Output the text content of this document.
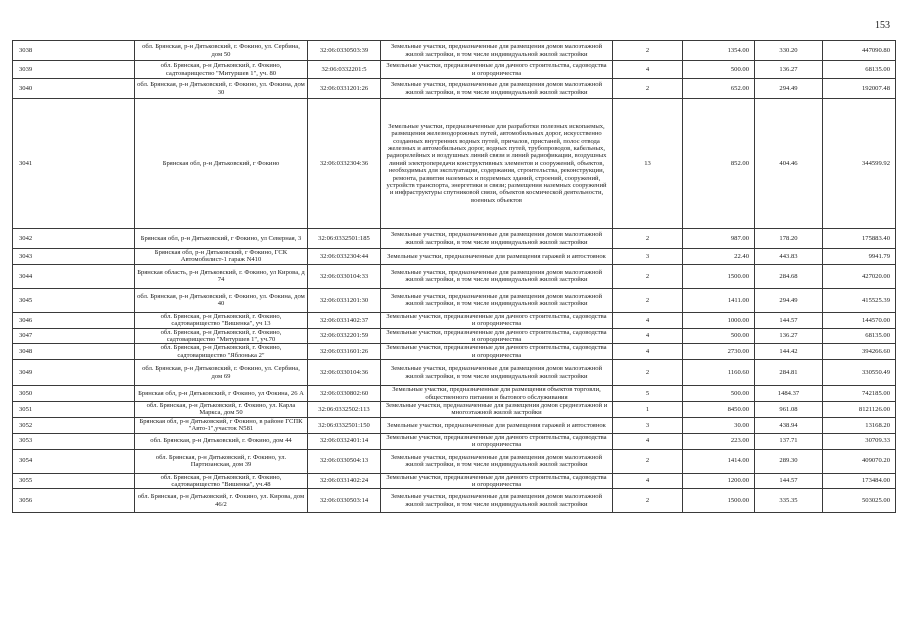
153
3038	обл. Брянская, р-н Дятьковский, г. Фокино, ул. Сербина, дом 50	32:06:0330503:39	Земельные участки, предназначенные для размещения домов малоэтажной жилой застройки, в том числе индивидуальной жилой застройки	2	1354.00	330.20	447090.80
3039	обл. Брянская, р-н Дятьковский, г. Фокино, садтоварищество "Митуршев 1", уч. 80	32:06:0332201:5	Земельные участки, предназначенные для дачного строительства, садоводства и огородничества	4	500.00	136.27	68135.00
3040	обл. Брянская, р-н Дятьковский, г. Фокино, ул. Фокина, дом 30	32:06:0331201:26	Земельные участки, предназначенные для размещения домов малоэтажной жилой застройки, в том числе индивидуальной жилой застройки	2	652.00	294.49	192007.48
3041	Брянская обл, р-н Дятьковский, г Фокино	32:06:0332304:36	Земельные участки, предназначенные для разработки полезных ископаемых, размещения железнодорожных путей, автомобильных дорог, искусственно созданных внутренних водных путей, причалов, пристаней, полос отвода железных и автомобильных дорог, водных путей, трубопроводов, кабельных, радиорелейных и воздушных линий связи и линий радиофикации, воздушных линий электропередачи конструктивных элементов и сооружений, объектов, необходимых для эксплуатации, содержания, строительства, реконструкции, ремонта, развития наземных и подземных зданий, строений, сооружений, устройств транспорта, энергетики и связи; размещения наземных сооружений и инфраструктуры спутниковой связи, объектов космической деятельности, военных объектов	13	852.00	404.46	344599.92
3042	Брянская обл, р-н Дятьковский, г Фокино, ул Северная, 3	32:06:0332501:185	Земельные участки, предназначенные для размещения домов малоэтажной жилой застройки, в том числе индивидуальной жилой застройки	2	987.00	178.20	175883.40
3043	Брянская обл, р-н Дятьковский, г Фокино, ГСК Автомобилист-1 гараж N410	32:06:0332304:44	Земельные участки, предназначенные для размещения гаражей и автостоянок	3	22.40	443.83	9941.79
3044	Брянская область, р-н Дятьковский, г. Фокино, ул Кирова, д 74	32:06:0330104:33	Земельные участки, предназначенные для размещения домов малоэтажной жилой застройки, в том числе индивидуальной жилой застройки	2	1500.00	284.68	427020.00
3045	обл. Брянская, р-н Дятьковский, г. Фокино, ул. Фокина, дом 40	32:06:0331201:30	Земельные участки, предназначенные для размещения домов малоэтажной жилой застройки, в том числе индивидуальной жилой застройки	2	1411.00	294.49	415525.39
3046	обл. Брянская, р-н Дятьковский, г. Фокино, садтоварищество "Вишенка", уч 13	32:06:0331402:37	Земельные участки, предназначенные для дачного строительства, садоводства и огородничества	4	1000.00	144.57	144570.00
3047	обл. Брянская, р-н Дятьковский, г. Фокино, садтоварищество "Митуршев 1", уч.70	32:06:0332201:59	Земельные участки, предназначенные для дачного строительства, садоводства и огородничества	4	500.00	136.27	68135.00
3048	обл. Брянская, р-н Дятьковский, г. Фокино, садтоварищество "Яблонька 2"	32:06:0331601:26	Земельные участки, предназначенные для дачного строительства, садоводства и огородничества	4	2730.00	144.42	394266.60
3049	обл. Брянская, р-н Дятьковский, г. Фокино, ул. Сербина, дом 69	32:06:0330104:36	Земельные участки, предназначенные для размещения домов малоэтажной жилой застройки, в том числе индивидуальной жилой застройки	2	1160.60	284.81	330550.49
3050	Брянская обл, р-н Дятьковский, г Фокино, ул Фокина, 26 А	32:06:0330802:60	Земельные участки, предназначенные для размещения объектов торговли, общественного питания и бытового обслуживания	5	500.00	1484.37	742185.00
3051	обл. Брянская, р-н Дятьковский, г. Фокино, ул. Карла Маркса, дом 50	32:06:0332502:113	Земельные участки, предназначенные для размещения домов среднеэтажной и многоэтажной жилой застройки	1	8450.00	961.08	8121126.00
3052	Брянская обл, р-н Дятьковский, г Фокино, в районе ГСПК "Авто-1",участок N581	32:06:0332501:150	Земельные участки, предназначенные для размещения гаражей и автостоянок	3	30.00	438.94	13168.20
3053	обл. Брянская, р-н Дятьковский, г. Фокино, дом 44	32:06:0332401:14	Земельные участки, предназначенные для дачного строительства, садоводства и огородничества	4	223.00	137.71	30709.33
3054	обл. Брянская, р-н Дятьковский, г. Фокино, ул. Партизанская, дом 39	32:06:0330504:13	Земельные участки, предназначенные для размещения домов малоэтажной жилой застройки, в том числе индивидуальной жилой застройки	2	1414.00	289.30	409070.20
3055	обл. Брянская, р-н Дятьковский, г. Фокино, садтоварищество "Вишенка", уч.48	32:06:0331402:24	Земельные участки, предназначенные для дачного строительства, садоводства и огородничества	4	1200.00	144.57	173484.00
3056	обл. Брянская, р-н Дятьковский, г. Фокино, ул. Кирова, дом 46/2	32:06:0330503:14	Земельные участки, предназначенные для размещения домов малоэтажной жилой застройки, в том числе индивидуальной жилой застройки	2	1500.00	335.35	503025.00
